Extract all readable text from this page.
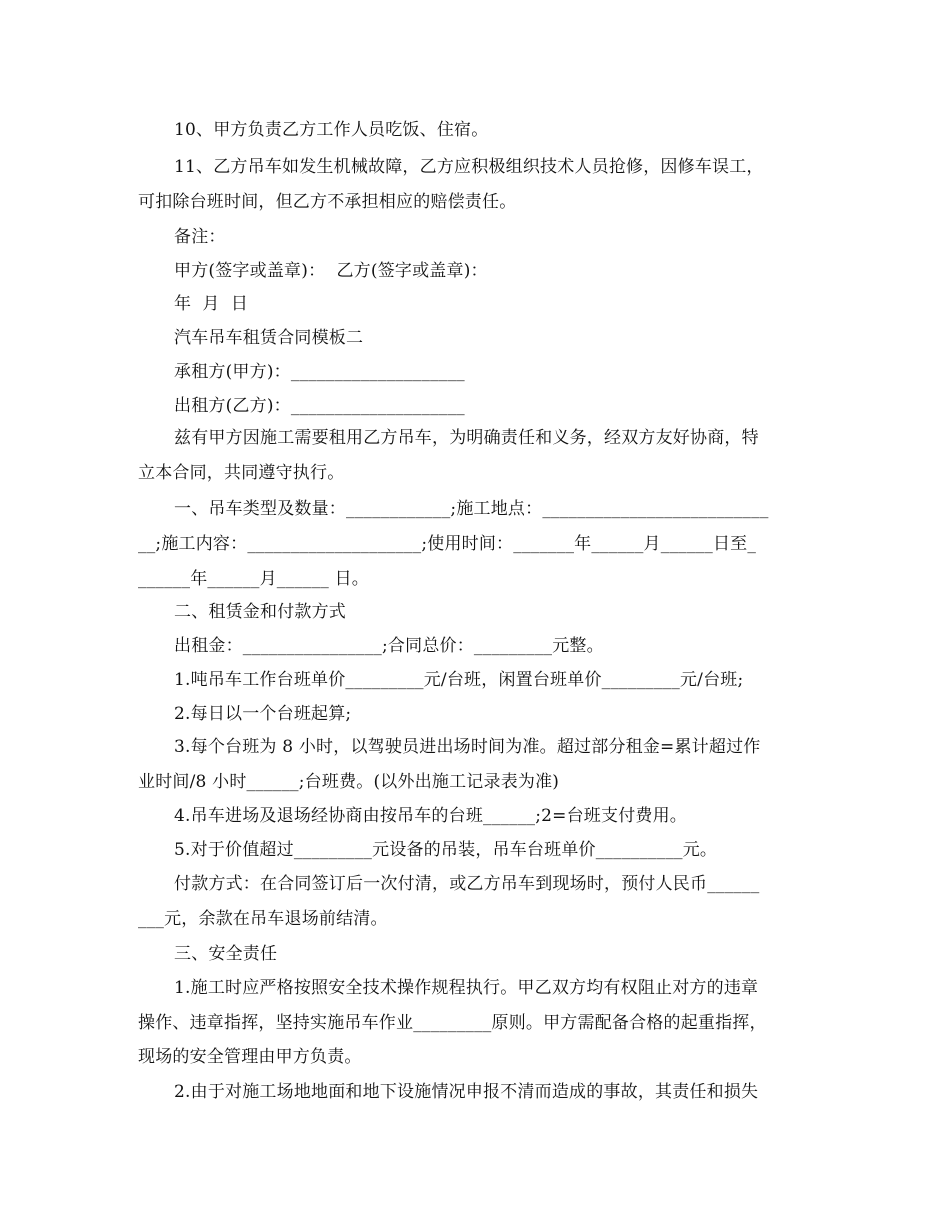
10、甲方负责乙方工作人员吃饭、住宿。
11、乙方吊车如发生机械故障，乙方应积极组织技术人员抢修，因修车误工，
可扣除台班时间，但乙方不承担相应的赔偿责任。
备注：
甲方(签字或盖章)：  乙方(签字或盖章)：
年  月  日
汽车吊车租赁合同模板二
承租方(甲方)：____________________
出租方(乙方)：____________________
兹有甲方因施工需要租用乙方吊车，为明确责任和义务，经双方友好协商，特
立本合同，共同遵守执行。
一、吊车类型及数量：____________;施工地点：__________________________
__;施工内容：____________________;使用时间：_______年______月______日至_
______年______月______ 日。
二、租赁金和付款方式
出租金：________________;合同总价：_________元整。
1.吨吊车工作台班单价_________元/台班，闲置台班单价_________元/台班;
2.每日以一个台班起算;
3.每个台班为 8 小时，以驾驶员进出场时间为准。超过部分租金=累计超过作
业时间/8 小时______;台班费。(以外出施工记录表为准)
4.吊车进场及退场经协商由按吊车的台班______;2=台班支付费用。
5.对于价值超过_________元设备的吊装，吊车台班单价__________元。
付款方式：在合同签订后一次付清，或乙方吊车到现场时，预付人民币______
___元，余款在吊车退场前结清。
三、安全责任
1.施工时应严格按照安全技术操作规程执行。甲乙双方均有权阻止对方的违章
操作、违章指挥，坚持实施吊车作业_________原则。甲方需配备合格的起重指挥，
现场的安全管理由甲方负责。
2.由于对施工场地地面和地下设施情况申报不清而造成的事故，其责任和损失
